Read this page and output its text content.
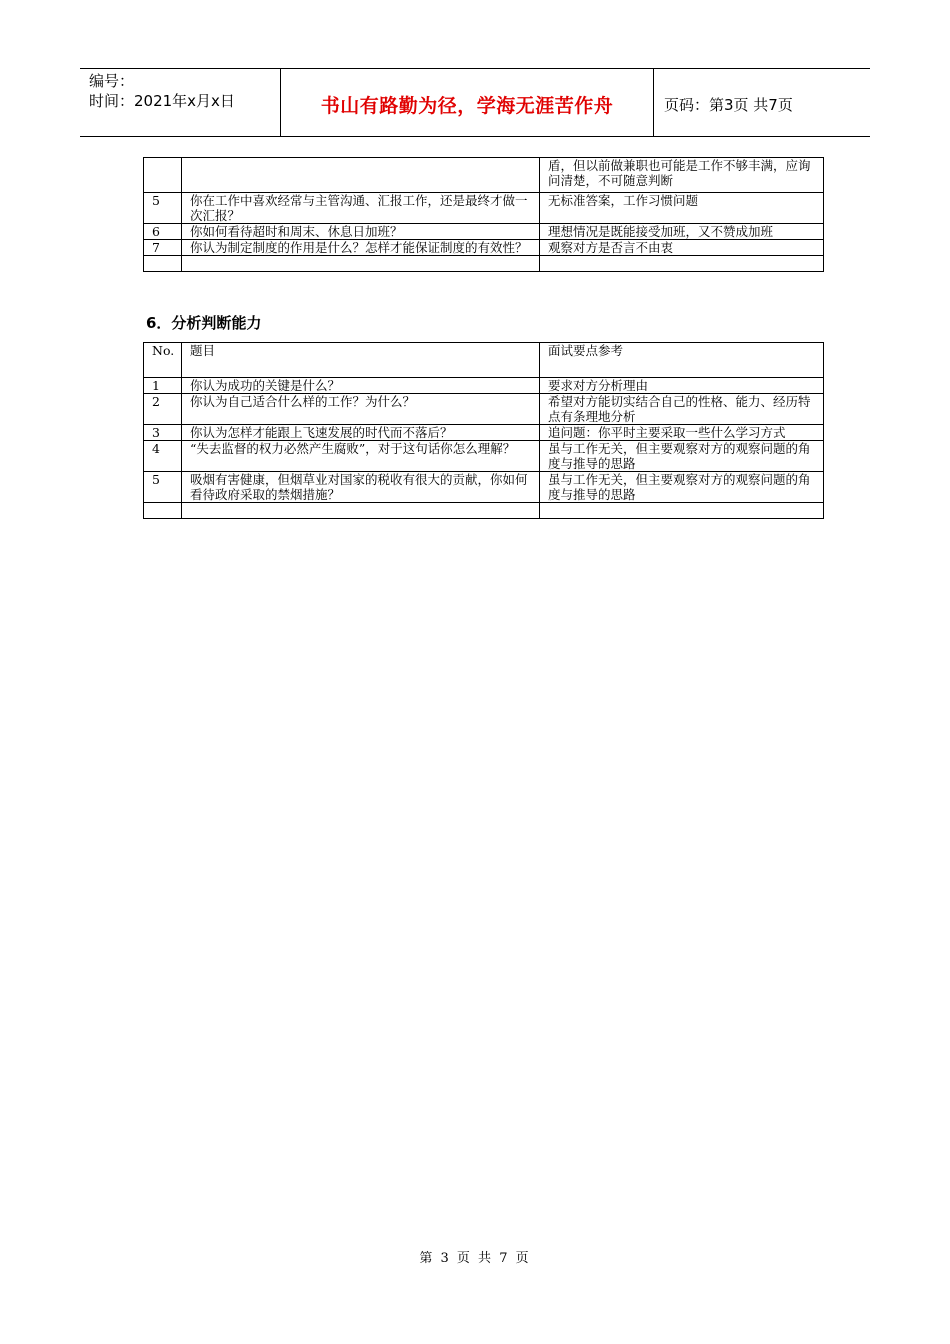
编号：
时间：2021年x月x日	书山有路勤为径，学海无涯苦作舟	页码：第3页 共7页
		盾，但以前做兼职也可能是工作不够丰满，应询问清楚，不可随意判断
5	你在工作中喜欢经常与主管沟通、汇报工作，还是最终才做一次汇报？	无标准答案，工作习惯问题
6	你如何看待超时和周末、休息日加班？	理想情况是既能接受加班，又不赞成加班
7	你认为制定制度的作用是什么？怎样才能保证制度的有效性？	观察对方是否言不由衷

6．分析判断能力
No.	题目	面试要点参考
1	你认为成功的关键是什么？	要求对方分析理由
2	你认为自己适合什么样的工作？为什么？	希望对方能切实结合自己的性格、能力、经历特点有条理地分析
3	你认为怎样才能跟上飞速发展的时代而不落后？	追问题：你平时主要采取一些什么学习方式
4	“失去监督的权力必然产生腐败”，对于这句话你怎么理解？	虽与工作无关，但主要观察对方的观察问题的角度与推导的思路
5	吸烟有害健康，但烟草业对国家的税收有很大的贡献，你如何看待政府采取的禁烟措施？	虽与工作无关，但主要观察对方的观察问题的角度与推导的思路

第 3 页 共 7 页
